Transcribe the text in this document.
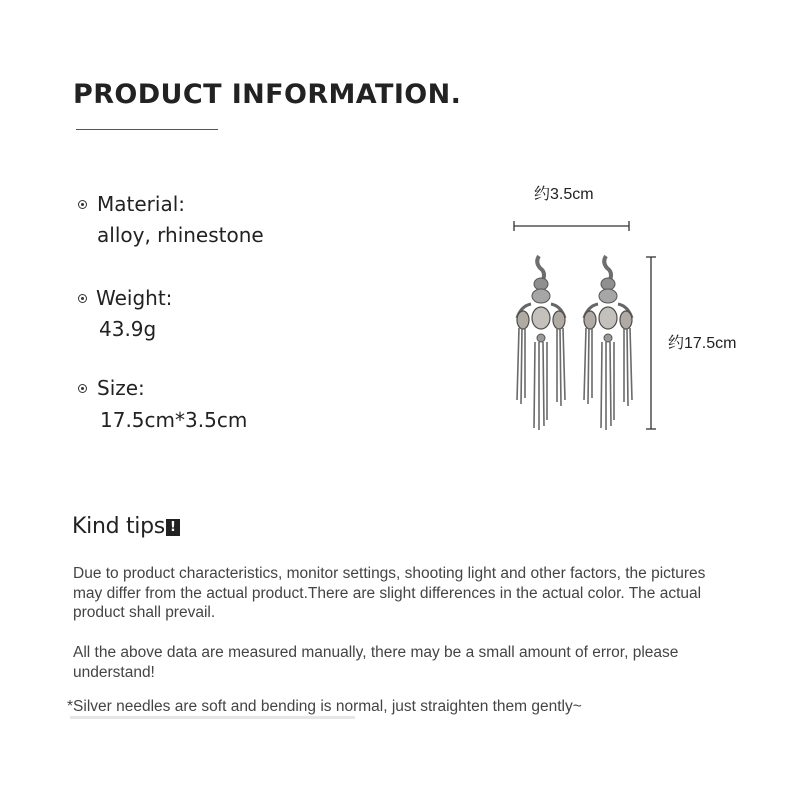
PRODUCT INFORMATION.
Material:
alloy, rhinestone
Weight:
43.9g
Size:
17.5cm*3.5cm
约3.5cm
约17.5cm
Kind tips !
Due to product characteristics, monitor settings, shooting light and other factors, the pictures may differ from the actual product.There are slight differences in the actual color. The actual product shall prevail.
All the above data are measured manually, there may be a small amount of error, please understand!
*Silver needles are soft and bending is normal, just straighten them gently~
